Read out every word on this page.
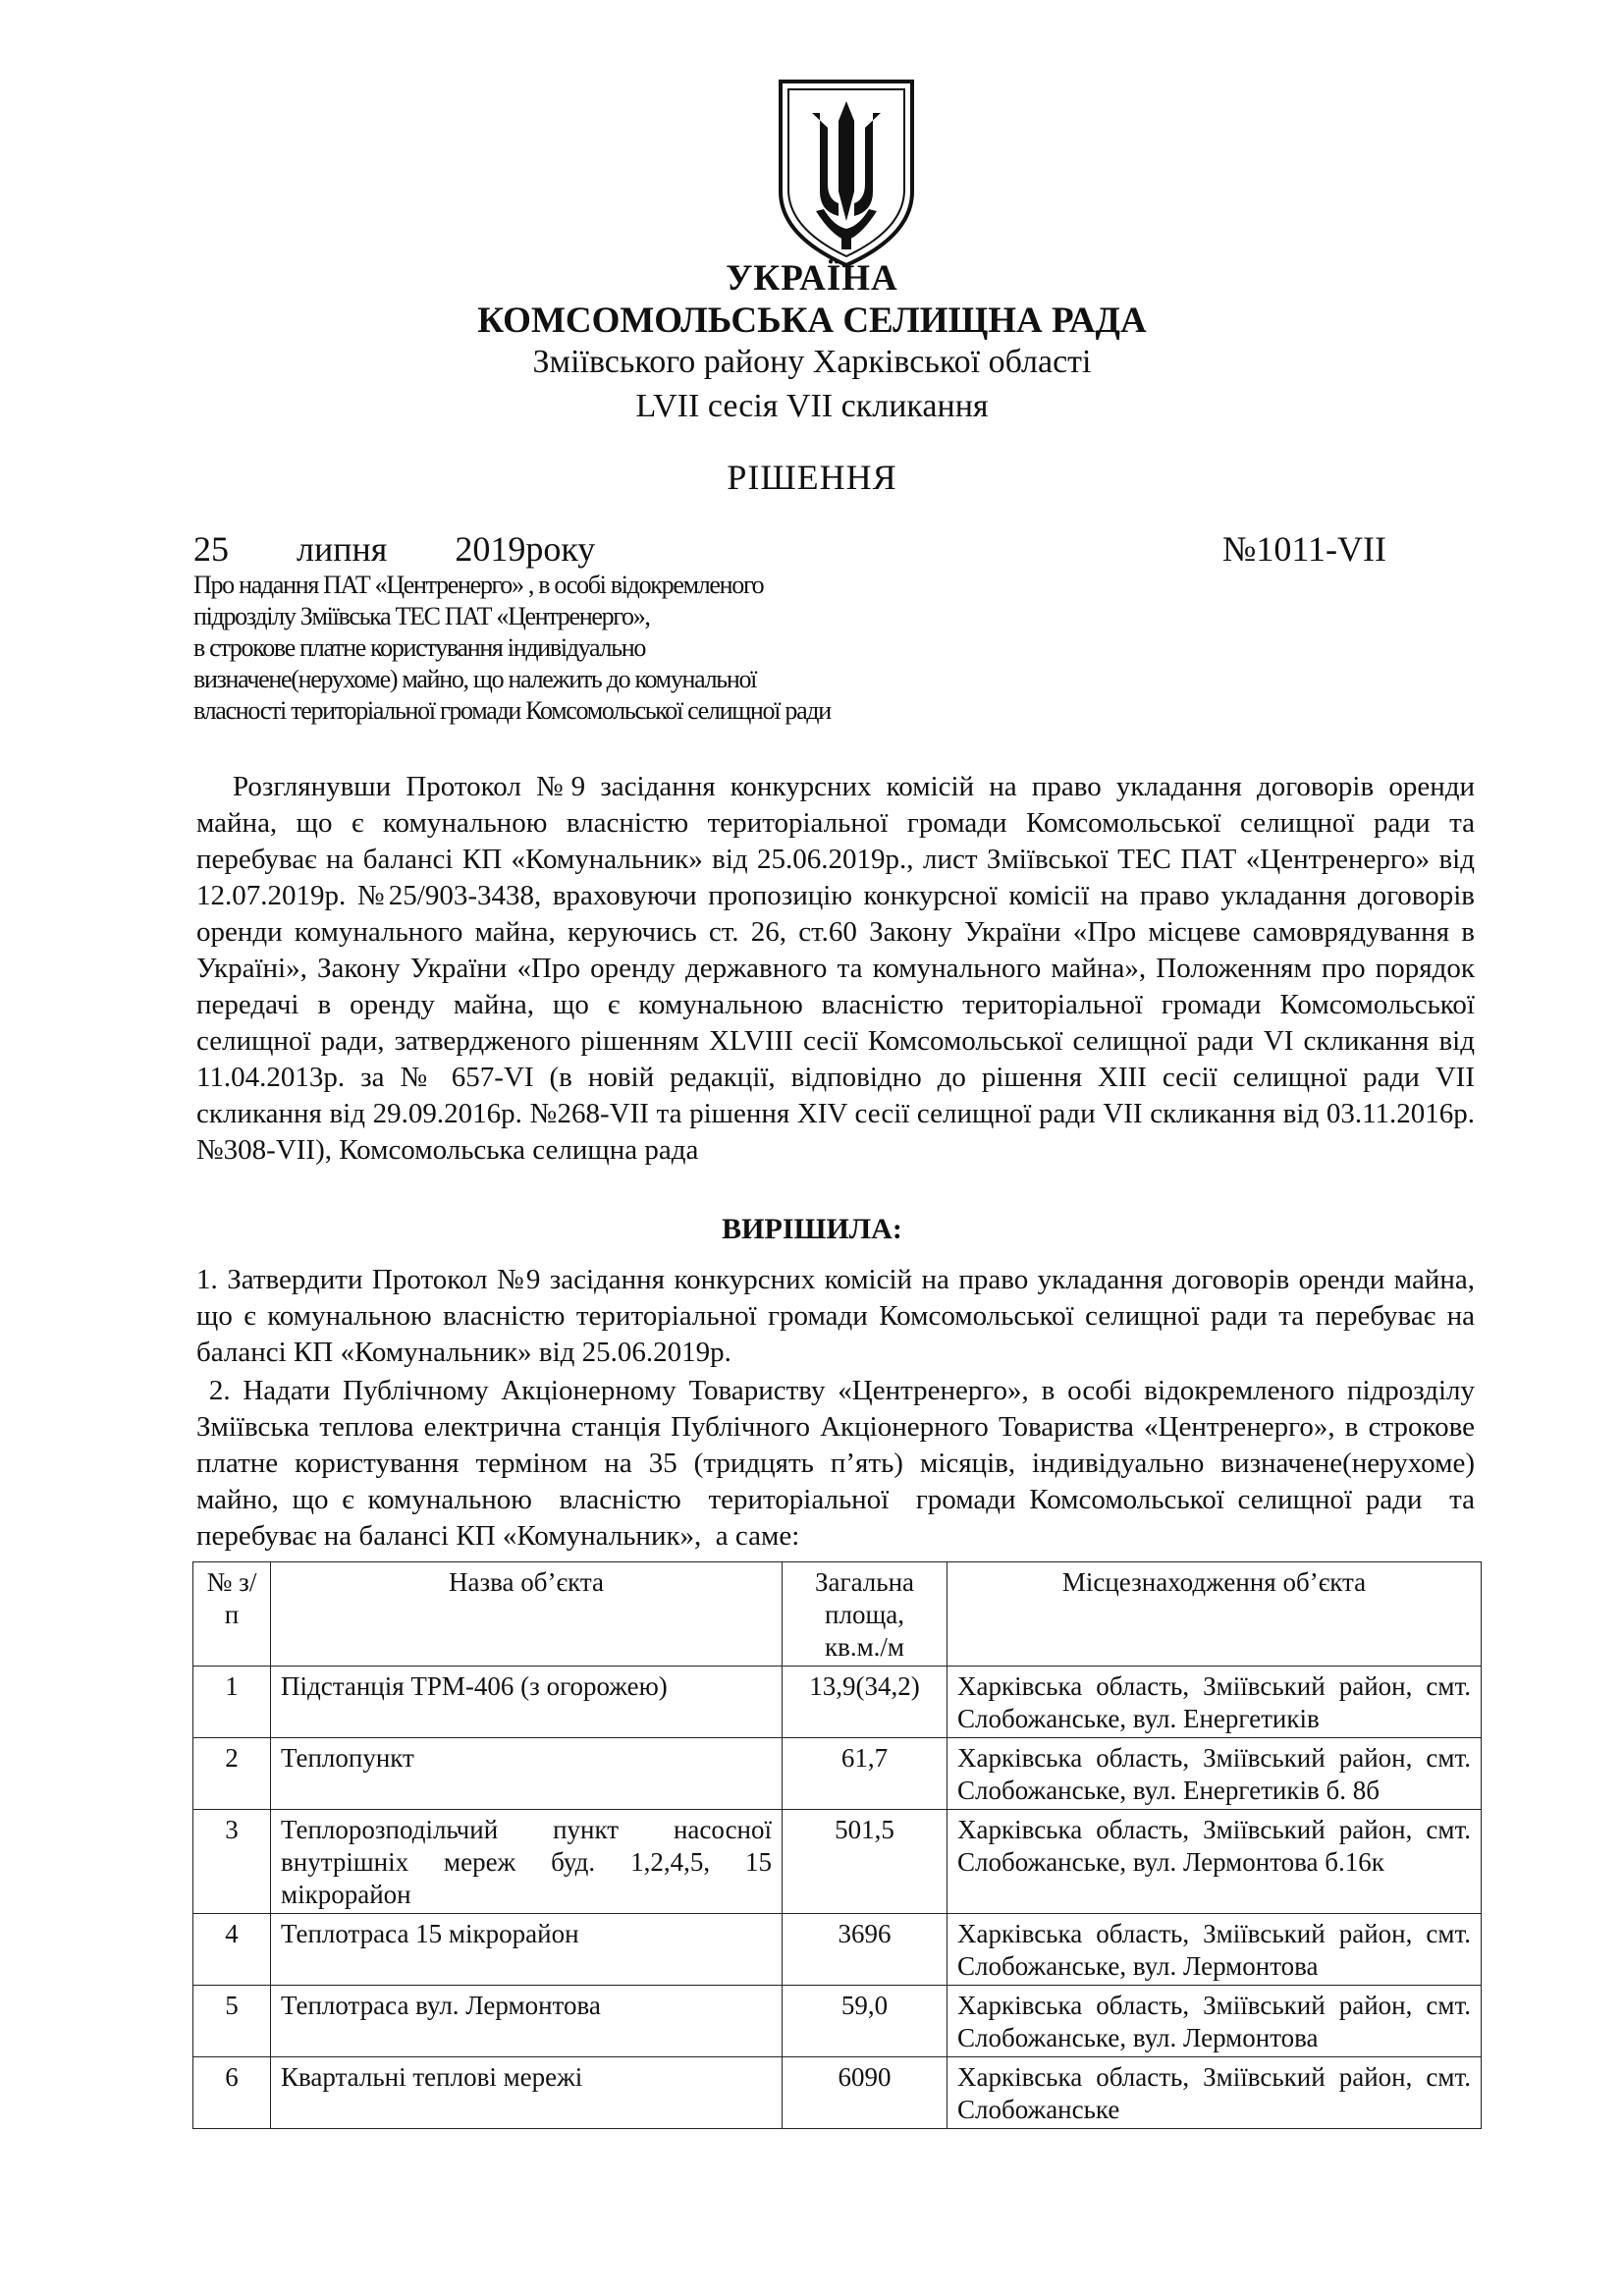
УКРАЇНА
КОМСОМОЛЬСЬКА СЕЛИЩНА РАДА
Зміївського району Харківської області
LVII сесія VII скликання
РІШЕННЯ
25   липня   2019року	№1011-VII
Про надання ПАТ «Центренерго» , в особі відокремленого
підрозділу Зміївська ТЕС ПАТ «Центренерго»,
в строкове платне користування індивідуально
визначене(нерухоме) майно, що належить до комунальної
власності територіальної громади Комсомольської селищної ради
Розглянувши Протокол №9 засідання конкурсних комісій на право укладання договорів оренди майна, що є комунальною власністю територіальної громади Комсомольської селищної ради та перебуває на балансі КП «Комунальник» від 25.06.2019р., лист Зміївської ТЕС ПАТ «Центренерго» від 12.07.2019р. №25/903-3438, враховуючи пропозицію конкурсної комісії на право укладання договорів оренди комунального майна, керуючись ст. 26, ст.60 Закону України «Про місцеве самоврядування в Україні», Закону України «Про оренду державного та комунального майна», Положенням про порядок передачі в оренду майна, що є комунальною власністю територіальної громади Комсомольської селищної ради, затвердженого рішенням XLVIII сесії Комсомольської селищної ради VI скликання від 11.04.2013р. за № 657-VI (в новій редакції, відповідно до рішення XIII сесії селищної ради VII скликання від 29.09.2016р. №268-VII та рішення XIV сесії селищної ради VII скликання від 03.11.2016р. №308-VII), Комсомольська селищна рада
ВИРІШИЛА:
1. Затвердити Протокол №9 засідання конкурсних комісій на право укладання договорів оренди майна, що є комунальною власністю територіальної громади Комсомольської селищної ради та перебуває на балансі КП «Комунальник» від 25.06.2019р.
2. Надати Публічному Акціонерному Товариству «Центренерго», в особі відокремленого підрозділу Зміївська теплова електрична станція Публічного Акціонерного Товариства «Центренерго», в строкове платне користування терміном на 35 (тридцять п’ять) місяців, індивідуально визначене(нерухоме) майно, що є комунальною  власністю  територіальної  громади Комсомольської селищної ради  та перебуває на балансі КП «Комунальник»,  а саме:
№ з/п	Назва об’єкта	Загальна площа, кв.м./м	Місцезнаходження об’єкта
1	Підстанція ТРМ-406 (з огорожею)	13,9(34,2)	Харківська область, Зміївський район, смт. Слобожанське, вул. Енергетиків
2	Теплопункт	61,7	Харківська область, Зміївський район, смт. Слобожанське, вул. Енергетиків б. 8б
3	Теплорозподільчий пункт насосної внутрішніх мереж буд. 1,2,4,5, 15 мікрорайон	501,5	Харківська область, Зміївський район, смт. Слобожанське, вул. Лермонтова б.16к
4	Теплотраса 15 мікрорайон	3696	Харківська область, Зміївський район, смт. Слобожанське, вул. Лермонтова
5	Теплотраса вул. Лермонтова	59,0	Харківська область, Зміївський район, смт. Слобожанське, вул. Лермонтова
6	Квартальні теплові мережі	6090	Харківська область, Зміївський район, смт. Слобожанське
